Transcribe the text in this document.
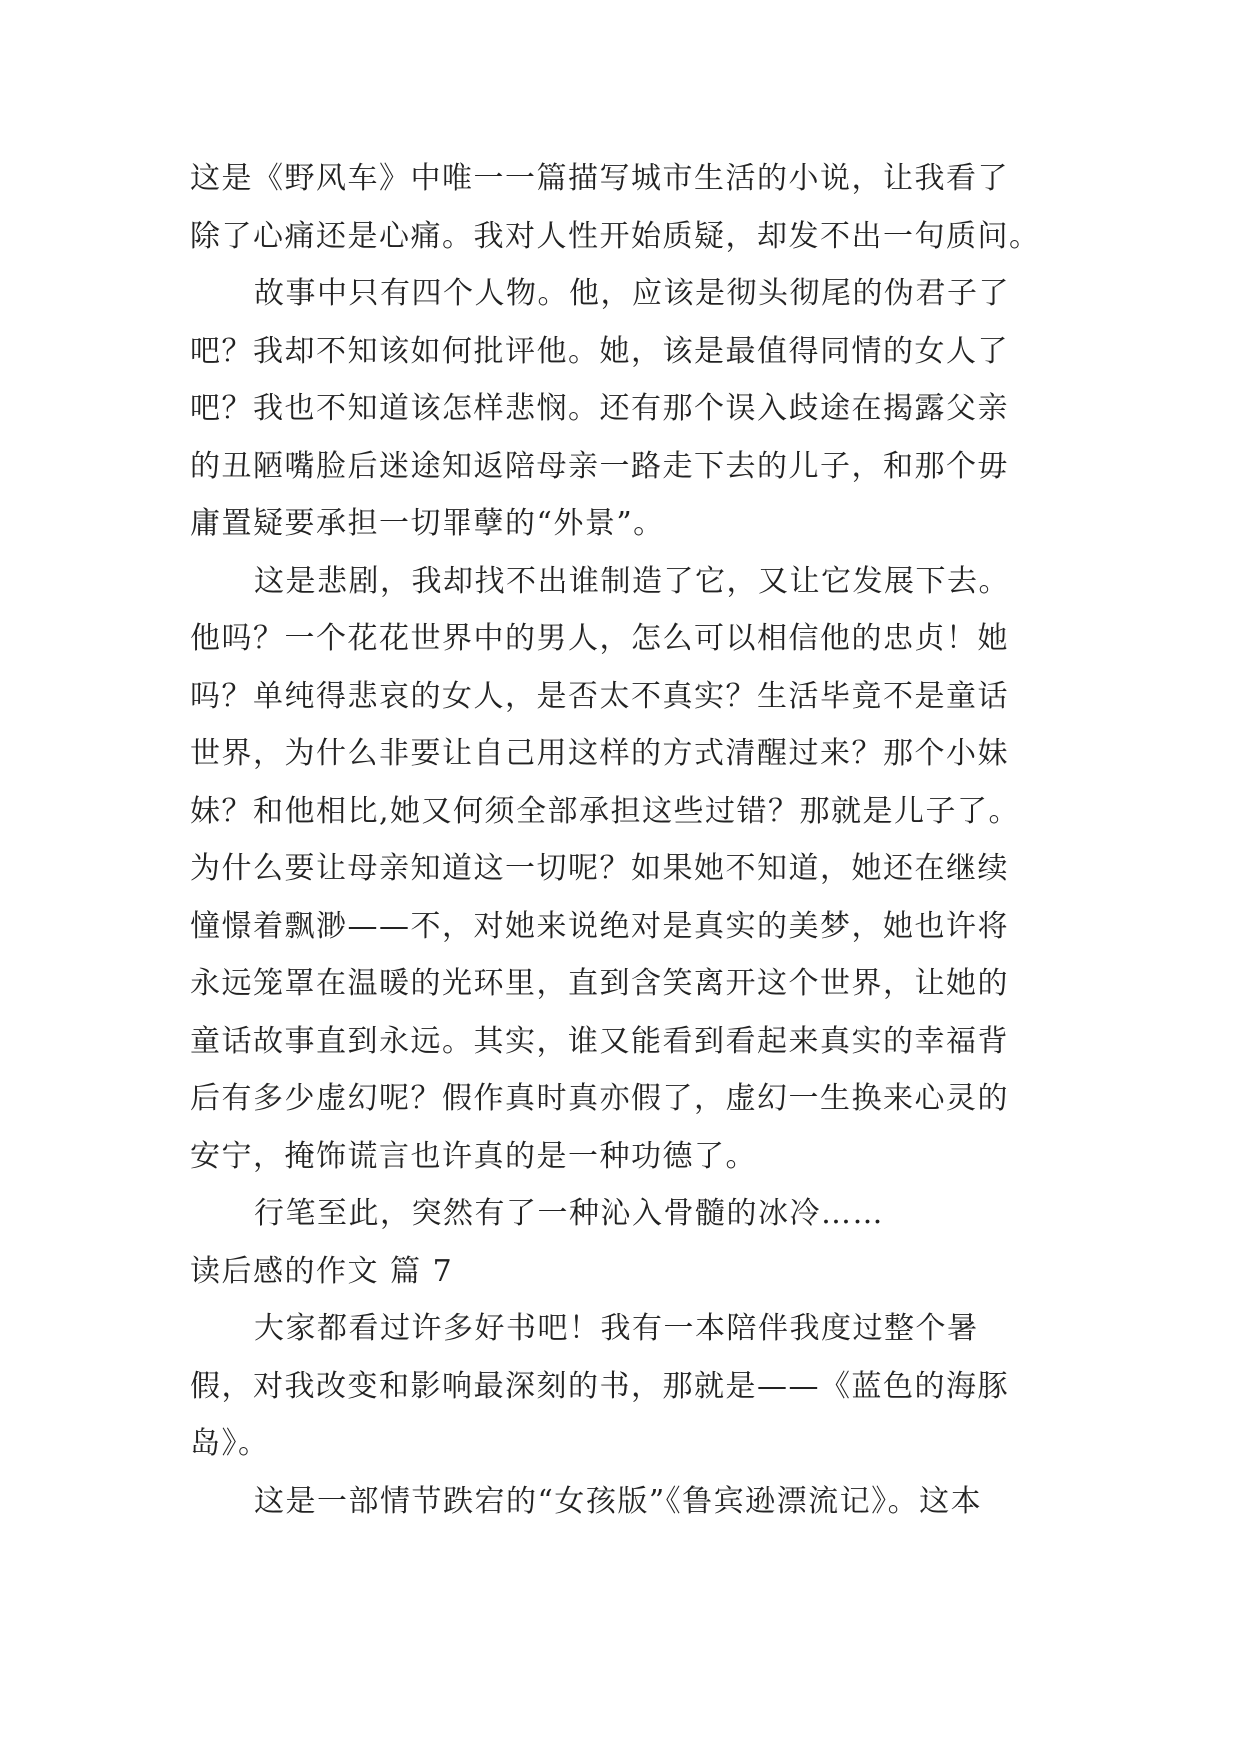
这是《野风车》中唯一一篇描写城市生活的小说，让我看了
除了心痛还是心痛。我对人性开始质疑，却发不出一句质问。
故事中只有四个人物。他，应该是彻头彻尾的伪君子了
吧？我却不知该如何批评他。她，该是最值得同情的女人了
吧？我也不知道该怎样悲悯。还有那个误入歧途在揭露父亲
的丑陋嘴脸后迷途知返陪母亲一路走下去的儿子，和那个毋
庸置疑要承担一切罪孽的“外景”。
这是悲剧，我却找不出谁制造了它，又让它发展下去。
他吗？一个花花世界中的男人，怎么可以相信他的忠贞！她
吗？单纯得悲哀的女人，是否太不真实？生活毕竟不是童话
世界，为什么非要让自己用这样的方式清醒过来？那个小妹
妹？和他相比,她又何须全部承担这些过错？那就是儿子了。
为什么要让母亲知道这一切呢？如果她不知道，她还在继续
憧憬着飘渺——不，对她来说绝对是真实的美梦，她也许将
永远笼罩在温暖的光环里，直到含笑离开这个世界，让她的
童话故事直到永远。其实，谁又能看到看起来真实的幸福背
后有多少虚幻呢？假作真时真亦假了，虚幻一生换来心灵的
安宁，掩饰谎言也许真的是一种功德了。
行笔至此，突然有了一种沁入骨髓的冰冷……
读后感的作文 篇 7
大家都看过许多好书吧！我有一本陪伴我度过整个暑
假，对我改变和影响最深刻的书，那就是——《蓝色的海豚
岛》。
这是一部情节跌宕的“女孩版”《鲁宾逊漂流记》。这本
